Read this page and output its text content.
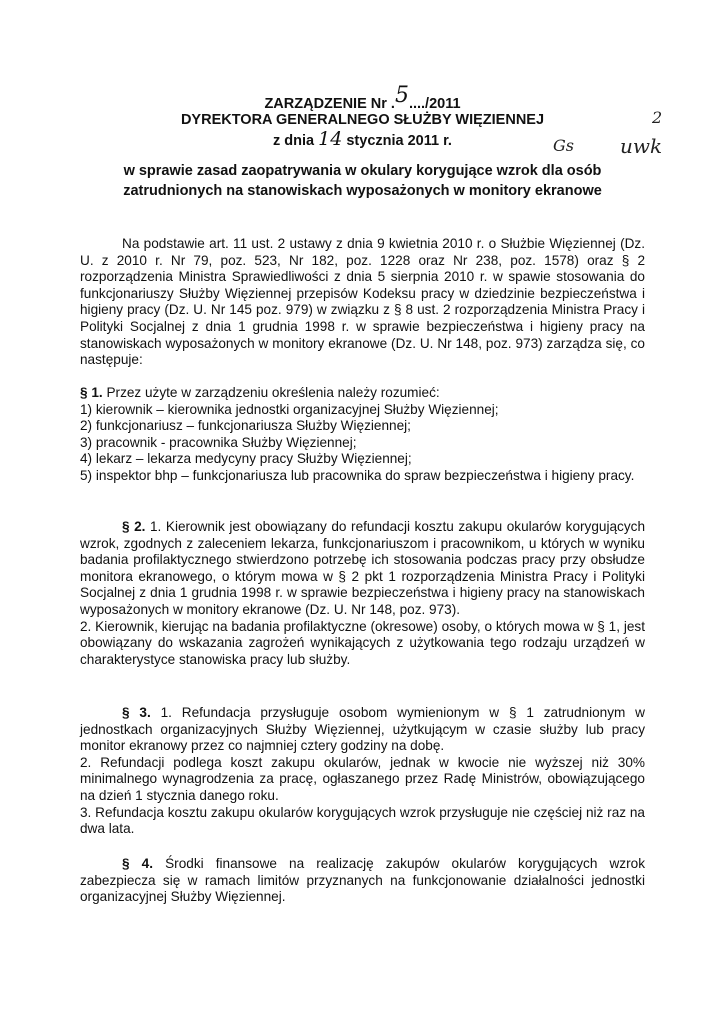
ZARZĄDZENIE Nr .5..../2011
DYREKTORA GENERALNEGO SŁUŻBY WIĘZIENNEJ
z dnia 14 stycznia 2011 r.
2
Gs uwk
w sprawie zasad zaopatrywania w okulary korygujące wzrok dla osób
zatrudnionych na stanowiskach wyposażonych w monitory ekranowe

Na podstawie art. 11 ust. 2 ustawy z dnia 9 kwietnia 2010 r. o Służbie Więziennej (Dz. U. z 2010 r. Nr 79, poz. 523, Nr 182, poz. 1228 oraz Nr 238, poz. 1578) oraz § 2 rozporządzenia Ministra Sprawiedliwości z dnia 5 sierpnia 2010 r. w spawie stosowania do funkcjonariuszy Służby Więziennej przepisów Kodeksu pracy w dziedzinie bezpieczeństwa i higieny pracy (Dz. U. Nr 145 poz. 979) w związku z § 8 ust. 2 rozporządzenia Ministra Pracy i Polityki Socjalnej z dnia 1 grudnia 1998 r. w sprawie bezpieczeństwa i higieny pracy na stanowiskach wyposażonych w monitory ekranowe (Dz. U. Nr 148, poz. 973) zarządza się, co następuje:

§ 1. Przez użyte w zarządzeniu określenia należy rozumieć:

1) kierownik – kierownika jednostki organizacyjnej Służby Więziennej;

2) funkcjonariusz – funkcjonariusza Służby Więziennej;

3) pracownik - pracownika Służby Więziennej;

4) lekarz – lekarza medycyny pracy Służby Więziennej;

5) inspektor bhp – funkcjonariusza lub pracownika do spraw bezpieczeństwa i higieny pracy.

§ 2. 1. Kierownik jest obowiązany do refundacji kosztu zakupu okularów korygujących wzrok, zgodnych z zaleceniem lekarza, funkcjonariuszom i pracownikom, u których w wyniku badania profilaktycznego stwierdzono potrzebę ich stosowania podczas pracy przy obsłudze monitora ekranowego, o którym mowa w § 2 pkt 1 rozporządzenia Ministra Pracy i Polityki Socjalnej z dnia 1 grudnia 1998 r. w sprawie bezpieczeństwa i higieny pracy na stanowiskach wyposażonych w monitory ekranowe (Dz. U. Nr 148, poz. 973).

2. Kierownik, kierując na badania profilaktyczne (okresowe) osoby, o których mowa w § 1, jest obowiązany do wskazania zagrożeń wynikających z użytkowania tego rodzaju urządzeń w charakterystyce stanowiska pracy lub służby.

§ 3. 1. Refundacja przysługuje osobom wymienionym w § 1 zatrudnionym w jednostkach organizacyjnych Służby Więziennej, użytkującym w czasie służby lub pracy monitor ekranowy przez co najmniej cztery godziny na dobę.

2. Refundacji podlega koszt zakupu okularów, jednak w kwocie nie wyższej niż 30% minimalnego wynagrodzenia za pracę, ogłaszanego przez Radę Ministrów, obowiązującego na dzień 1 stycznia danego roku.

3. Refundacja kosztu zakupu okularów korygujących wzrok przysługuje nie częściej niż raz na dwa lata.

§ 4. Środki finansowe na realizację zakupów okularów korygujących wzrok zabezpiecza się w ramach limitów przyznanych na funkcjonowanie działalności jednostki organizacyjnej Służby Więziennej.
